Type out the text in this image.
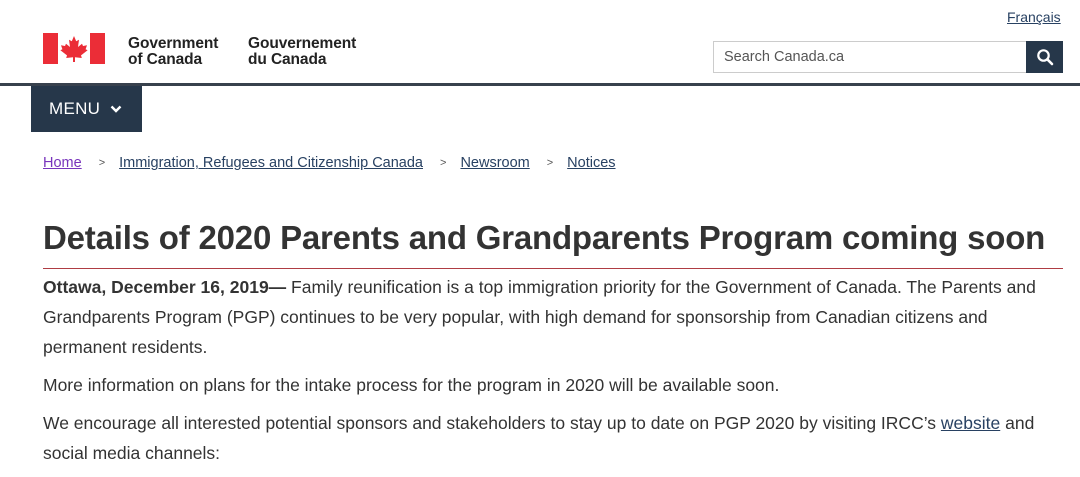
Français
Government
of Canada
Gouvernement
du Canada
Search Canada.ca
MENU
Home > Immigration, Refugees and Citizenship Canada > Newsroom > Notices
Details of 2020 Parents and Grandparents Program coming soon

Ottawa, December 16, 2019— Family reunification is a top immigration priority for the Government of Canada. The Parents and Grandparents Program (PGP) continues to be very popular, with high demand for sponsorship from Canadian citizens and permanent residents.

More information on plans for the intake process for the program in 2020 will be available soon.

We encourage all interested potential sponsors and stakeholders to stay up to date on PGP 2020 by visiting IRCC’s website and social media channels:
